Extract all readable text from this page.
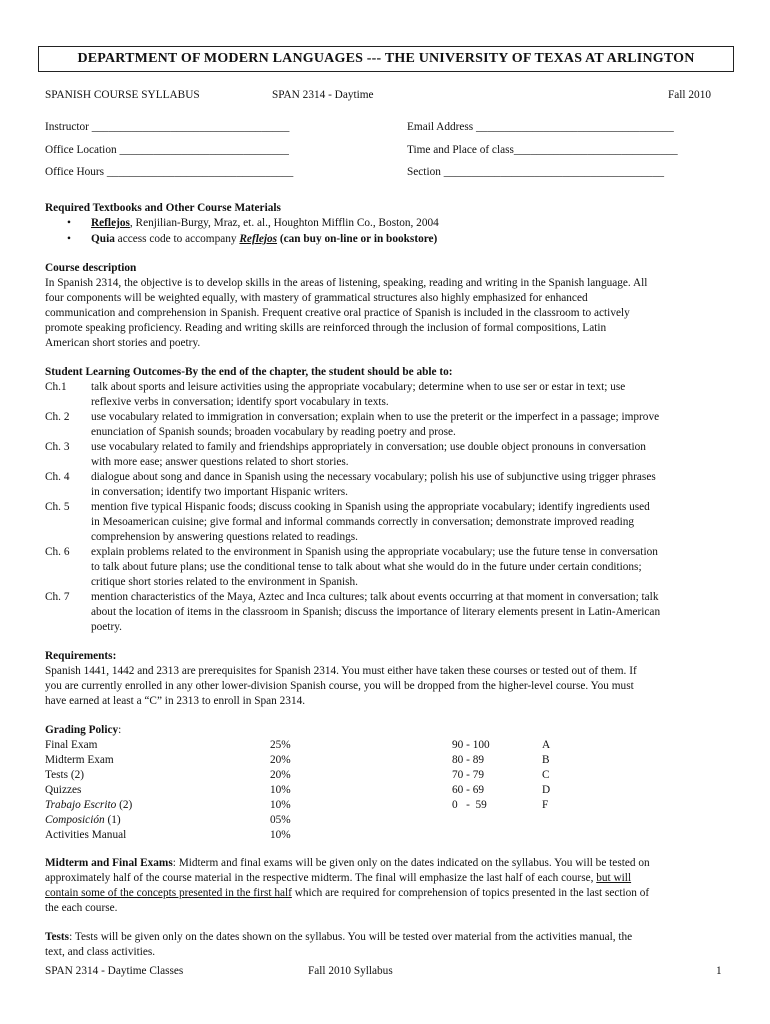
DEPARTMENT OF MODERN LANGUAGES --- THE UNIVERSITY OF TEXAS AT ARLINGTON
SPANISH COURSE SYLLABUS	SPAN 2314 - Daytime	Fall 2010
Instructor ___________________________________	Email Address ___________________________________
Office Location ______________________________	Time and Place of class_____________________________
Office Hours _________________________________	Section _______________________________________
Required Textbooks and Other Course Materials
• Reflejos, Renjilian-Burgy, Mraz, et. al., Houghton Mifflin Co., Boston, 2004
• Quia access code to accompany Reflejos (can buy on-line or in bookstore)
Course description
In Spanish 2314, the objective is to develop skills in the areas of listening, speaking, reading and writing in the Spanish language. All
four components will be weighted equally, with mastery of grammatical structures also highly emphasized for enhanced
communication and comprehension in Spanish. Frequent creative oral practice of Spanish is included in the classroom to actively
promote speaking proficiency. Reading and writing skills are reinforced through the inclusion of formal compositions, Latin
American short stories and poetry.
Student Learning Outcomes-By the end of the chapter, the student should be able to:
Ch.1 talk about sports and leisure activities using the appropriate vocabulary; determine when to use ser or estar in text; use
reflexive verbs in conversation; identify sport vocabulary in texts.
Ch. 2 use vocabulary related to immigration in conversation; explain when to use the preterit or the imperfect in a passage; improve
enunciation of Spanish sounds; broaden vocabulary by reading poetry and prose.
Ch. 3 use vocabulary related to family and friendships appropriately in conversation; use double object pronouns in conversation
with more ease; answer questions related to short stories.
Ch. 4 dialogue about song and dance in Spanish using the necessary vocabulary; polish his use of subjunctive using trigger phrases
in conversation; identify two important Hispanic writers.
Ch. 5 mention five typical Hispanic foods; discuss cooking in Spanish using the appropriate vocabulary; identify ingredients used
in Mesoamerican cuisine; give formal and informal commands correctly in conversation; demonstrate improved reading
comprehension by answering questions related to readings.
Ch. 6 explain problems related to the environment in Spanish using the appropriate vocabulary; use the future tense in conversation
to talk about future plans; use the conditional tense to talk about what she would do in the future under certain conditions;
critique short stories related to the environment in Spanish.
Ch. 7 mention characteristics of the Maya, Aztec and Inca cultures; talk about events occurring at that moment in conversation; talk
about the location of items in the classroom in Spanish; discuss the importance of literary elements present in Latin-American
poetry.
Requirements:
Spanish 1441, 1442 and 2313 are prerequisites for Spanish 2314. You must either have taken these courses or tested out of them. If
you are currently enrolled in any other lower-division Spanish course, you will be dropped from the higher-level course. You must
have earned at least a “C” in 2313 to enroll in Span 2314.
Grading Policy:
Final Exam	25%
Midterm Exam	20%
Tests (2)	20%
Quizzes	10%
Trabajo Escrito (2)	10%
Composición (1)	05%
Activities Manual	10%
90 - 100	A
80 - 89	B
70 - 79	C
60 - 69	D
0   -  59	F
Midterm and Final Exams: Midterm and final exams will be given only on the dates indicated on the syllabus. You will be tested on
approximately half of the course material in the respective midterm. The final will emphasize the last half of each course, but will
contain some of the concepts presented in the first half which are required for comprehension of topics presented in the last section of
the each course.
Tests: Tests will be given only on the dates shown on the syllabus. You will be tested over material from the activities manual, the
text, and class activities.
SPAN 2314 - Daytime Classes	Fall 2010 Syllabus	1
